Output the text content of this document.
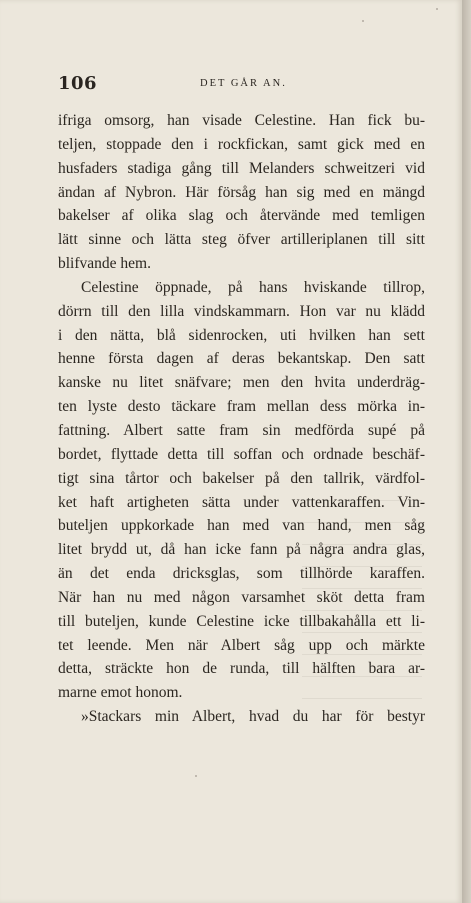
106	DET GÅR AN.
ifriga omsorg, han visade Celestine. Han fick bu-
teljen, stoppade den i rockfickan, samt gick med en
husfaders stadiga gång till Melanders schweitzeri vid
ändan af Nybron. Här försåg han sig med en mängd
bakelser af olika slag och återvände med temligen
lätt sinne och lätta steg öfver artilleriplanen till sitt
blifvande hem.
Celestine öppnade, på hans hviskande tillrop,
dörrn till den lilla vindskammarn. Hon var nu klädd
i den nätta, blå sidenrocken, uti hvilken han sett
henne första dagen af deras bekantskap. Den satt
kanske nu litet snäfvare; men den hvita underdräg-
ten lyste desto täckare fram mellan dess mörka in-
fattning. Albert satte fram sin medförda supé på
bordet, flyttade detta till soffan och ordnade beschäf-
tigt sina tårtor och bakelser på den tallrik, värdfol-
ket haft artigheten sätta under vattenkaraffen. Vin-
buteljen uppkorkade han med van hand, men såg
litet brydd ut, då han icke fann på några andra glas,
än det enda dricksglas, som tillhörde karaffen.
När han nu med någon varsamhet sköt detta fram
till buteljen, kunde Celestine icke tillbakahålla ett li-
tet leende. Men när Albert såg upp och märkte
detta, sträckte hon de runda, till hälften bara ar-
marne emot honom.
»Stackars min Albert, hvad du har för bestyr
